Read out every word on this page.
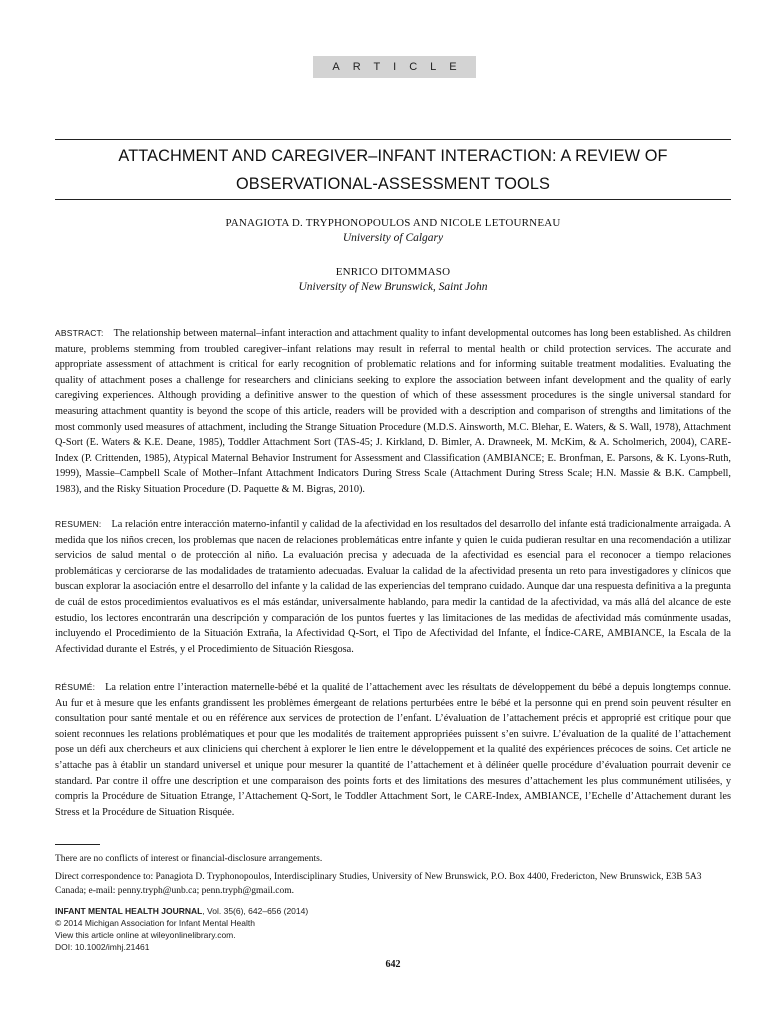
ARTICLE
ATTACHMENT AND CAREGIVER–INFANT INTERACTION: A REVIEW OF
OBSERVATIONAL-ASSESSMENT TOOLS
PANAGIOTA D. TRYPHONOPOULOS AND NICOLE LETOURNEAU
University of Calgary
ENRICO DITOMMASO
University of New Brunswick, Saint John

ABSTRACT: The relationship between maternal–infant interaction and attachment quality to infant developmental outcomes has long been established. As children mature, problems stemming from troubled caregiver–infant relations may result in referral to mental health or child protection services. The accurate and appropriate assessment of attachment is critical for early recognition of problematic relations and for informing suitable treatment modalities. Evaluating the quality of attachment poses a challenge for researchers and clinicians seeking to explore the association between infant development and the quality of early caregiving experiences. Although providing a definitive answer to the question of which of these assessment procedures is the single universal standard for measuring attachment quantity is beyond the scope of this article, readers will be provided with a description and comparison of strengths and limitations of the most commonly used measures of attachment, including the Strange Situation Procedure (M.D.S. Ainsworth, M.C. Blehar, E. Waters, & S. Wall, 1978), Attachment Q-Sort (E. Waters & K.E. Deane, 1985), Toddler Attachment Sort (TAS-45; J. Kirkland, D. Bimler, A. Drawneek, M. McKim, & A. Scholmerich, 2004), CARE-Index (P. Crittenden, 1985), Atypical Maternal Behavior Instrument for Assessment and Classification (AMBIANCE; E. Bronfman, E. Parsons, & K. Lyons-Ruth, 1999), Massie–Campbell Scale of Mother–Infant Attachment Indicators During Stress Scale (Attachment During Stress Scale; H.N. Massie & B.K. Campbell, 1983), and the Risky Situation Procedure (D. Paquette & M. Bigras, 2010).

RESUMEN: La relación entre interacción materno-infantil y calidad de la afectividad en los resultados del desarrollo del infante está tradicionalmente arraigada. A medida que los niños crecen, los problemas que nacen de relaciones problemáticas entre infante y quien le cuida pudieran resultar en una recomendación a utilizar servicios de salud mental o de protección al niño. La evaluación precisa y adecuada de la afectividad es esencial para el reconocer a tiempo relaciones problemáticas y cerciorarse de las modalidades de tratamiento adecuadas. Evaluar la calidad de la afectividad presenta un reto para investigadores y clínicos que buscan explorar la asociación entre el desarrollo del infante y la calidad de las experiencias del temprano cuidado. Aunque dar una respuesta definitiva a la pregunta de cuál de estos procedimientos evaluativos es el más estándar, universalmente hablando, para medir la cantidad de la afectividad, va más allá del alcance de este estudio, los lectores encontrarán una descripción y comparación de los puntos fuertes y las limitaciones de las medidas de afectividad más comúnmente usadas, incluyendo el Procedimiento de la Situación Extraña, la Afectividad Q-Sort, el Tipo de Afectividad del Infante, el Índice-CARE, AMBIANCE, la Escala de la Afectividad durante el Estrés, y el Procedimiento de Situación Riesgosa.

RÉSUMÉ: La relation entre l’interaction maternelle-bébé et la qualité de l’attachement avec les résultats de développement du bébé a depuis longtemps connue. Au fur et à mesure que les enfants grandissent les problèmes émergeant de relations perturbées entre le bébé et la personne qui en prend soin peuvent résulter en consultation pour santé mentale et ou en référence aux services de protection de l’enfant. L’évaluation de l’attachement précis et approprié est critique pour que soient reconnues les relations problématiques et pour que les modalités de traitement appropriées puissent s’en suivre. L’évaluation de la qualité de l’attachement pose un défi aux chercheurs et aux cliniciens qui cherchent à explorer le lien entre le développement et la qualité des expériences précoces de soins. Cet article ne s’attache pas à établir un standard universel et unique pour mesurer la quantité de l’attachement et à délinéer quelle procédure d’évaluation pourrait devenir ce standard. Par contre il offre une description et une comparaison des points forts et des limitations des mesures d’attachement les plus communément utilisées, y compris la Procédure de Situation Etrange, l’Attachement Q-Sort, le Toddler Attachment Sort, le CARE-Index, AMBIANCE, l’Echelle d’Attachement durant les Stress et la Procédure de Situation Risquée.

There are no conflicts of interest or financial-disclosure arrangements.

Direct correspondence to: Panagiota D. Tryphonopoulos, Interdisciplinary Studies, University of New Brunswick, P.O. Box 4400, Fredericton, New Brunswick, E3B 5A3 Canada; e-mail: penny.tryph@unb.ca; penn.tryph@gmail.com.

INFANT MENTAL HEALTH JOURNAL, Vol. 35(6), 642–656 (2014)
© 2014 Michigan Association for Infant Mental Health
View this article online at wileyonlinelibrary.com.
DOI: 10.1002/imhj.21461
642
